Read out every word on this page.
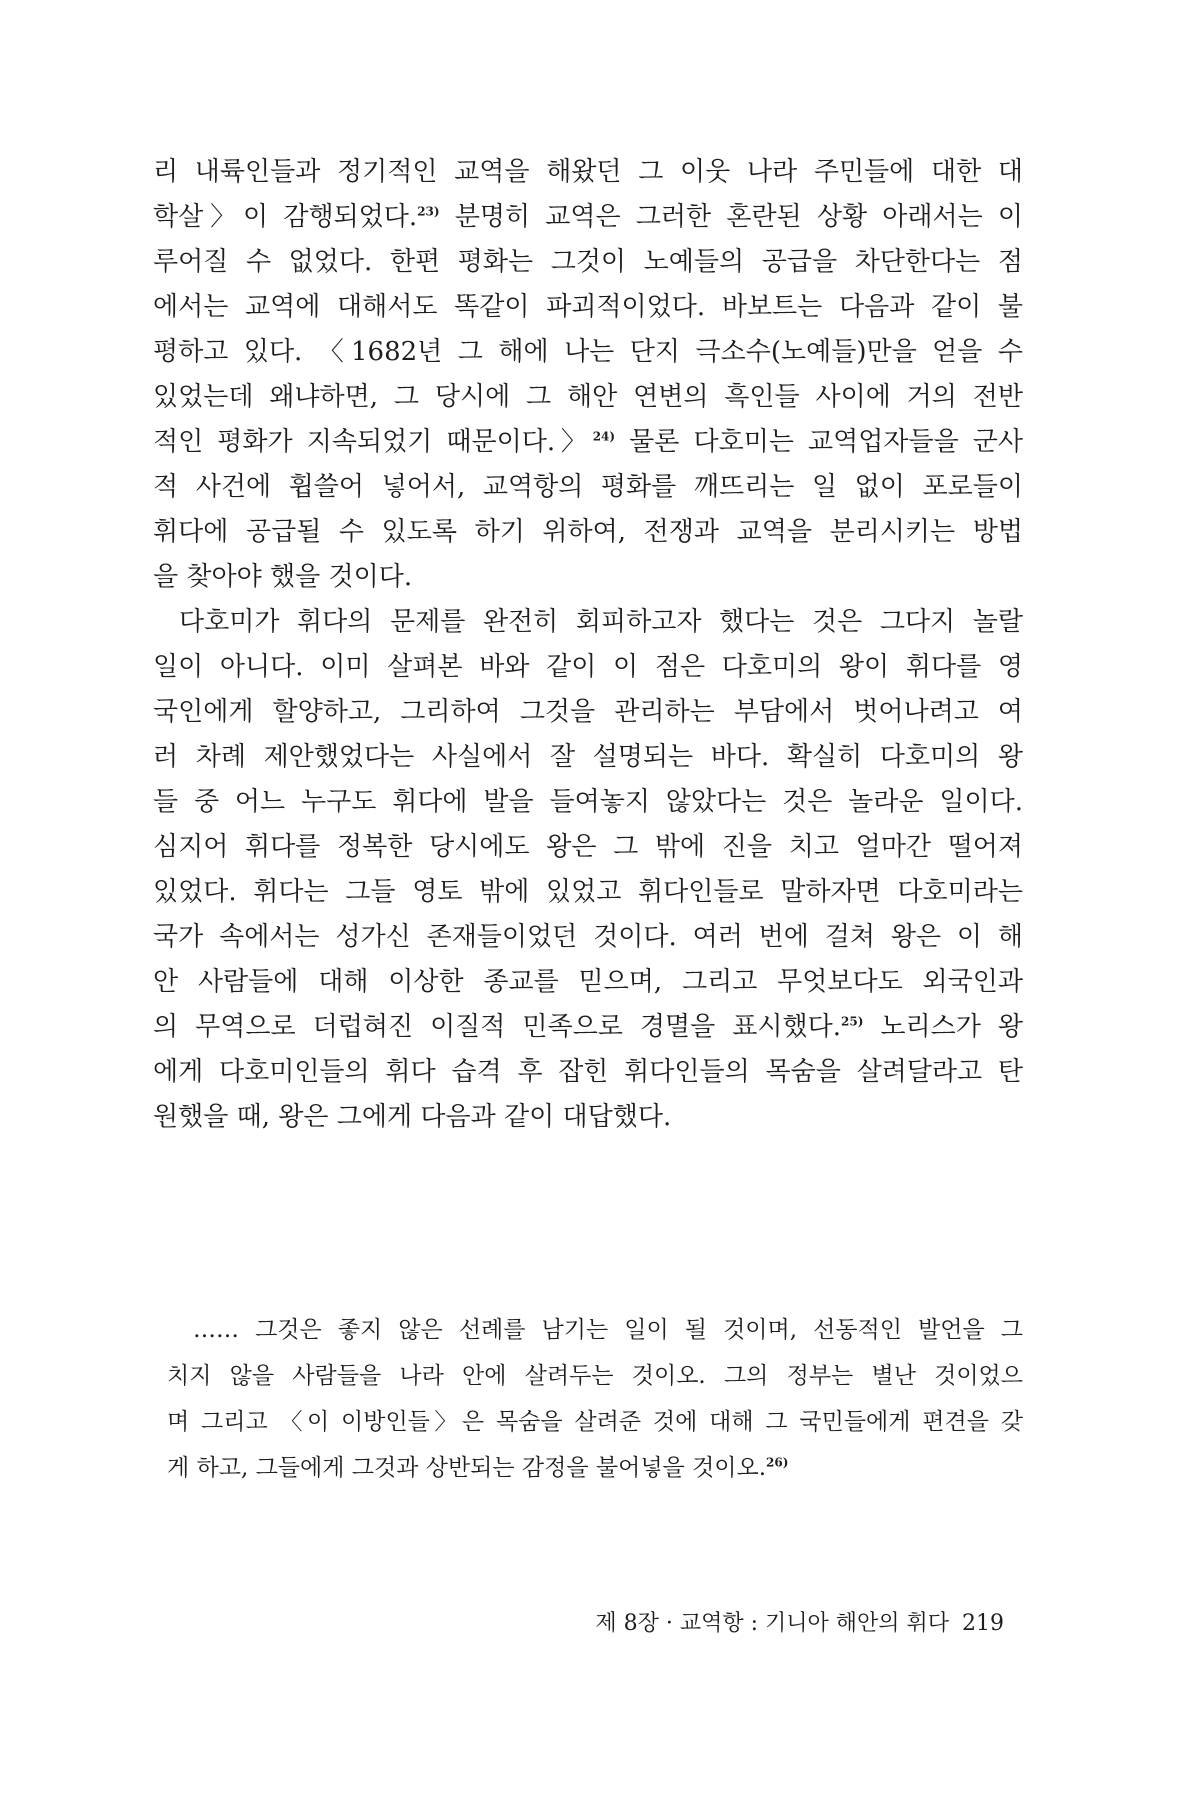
리 내륙인들과 정기적인 교역을 해왔던 그 이웃 나라 주민들에 대한 대
학살〉이 감행되었다.$^{23)}$ 분명히 교역은 그러한 혼란된 상황 아래서는 이
루어질 수 없었다. 한편 평화는 그것이 노예들의 공급을 차단한다는 점
에서는 교역에 대해서도 똑같이 파괴적이었다. 바보트는 다음과 같이 불
평하고 있다. 〈1682년 그 해에 나는 단지 극소수(노예들)만을 얻을 수
있었는데 왜냐하면, 그 당시에 그 해안 연변의 흑인들 사이에 거의 전반
적인 평화가 지속되었기 때문이다.〉$^{24)}$ 물론 다호미는 교역업자들을 군사
적 사건에 휩쓸어 넣어서, 교역항의 평화를 깨뜨리는 일 없이 포로들이
휘다에 공급될 수 있도록 하기 위하여, 전쟁과 교역을 분리시키는 방법
을 찾아야 했을 것이다.
다호미가 휘다의 문제를 완전히 회피하고자 했다는 것은 그다지 놀랄
일이 아니다. 이미 살펴본 바와 같이 이 점은 다호미의 왕이 휘다를 영
국인에게 할양하고, 그리하여 그것을 관리하는 부담에서 벗어나려고 여
러 차례 제안했었다는 사실에서 잘 설명되는 바다. 확실히 다호미의 왕
들 중 어느 누구도 휘다에 발을 들여놓지 않았다는 것은 놀라운 일이다.
심지어 휘다를 정복한 당시에도 왕은 그 밖에 진을 치고 얼마간 떨어져
있었다. 휘다는 그들 영토 밖에 있었고 휘다인들로 말하자면 다호미라는
국가 속에서는 성가신 존재들이었던 것이다. 여러 번에 걸쳐 왕은 이 해
안 사람들에 대해 이상한 종교를 믿으며, 그리고 무엇보다도 외국인과
의 무역으로 더럽혀진 이질적 민족으로 경멸을 표시했다.$^{25)}$ 노리스가 왕
에게 다호미인들의 휘다 습격 후 잡힌 휘다인들의 목숨을 살려달라고 탄
원했을 때, 왕은 그에게 다음과 같이 대답했다.
…… 그것은 좋지 않은 선례를 남기는 일이 될 것이며, 선동적인 발언을 그
치지 않을 사람들을 나라 안에 살려두는 것이오. 그의 정부는 별난 것이었으
며 그리고 〈이 이방인들〉은 목숨을 살려준 것에 대해 그 국민들에게 편견을 갖
게 하고, 그들에게 그것과 상반되는 감정을 불어넣을 것이오.$^{26)}$
제 8장 · 교역항 : 기니아 해안의 휘다 219
